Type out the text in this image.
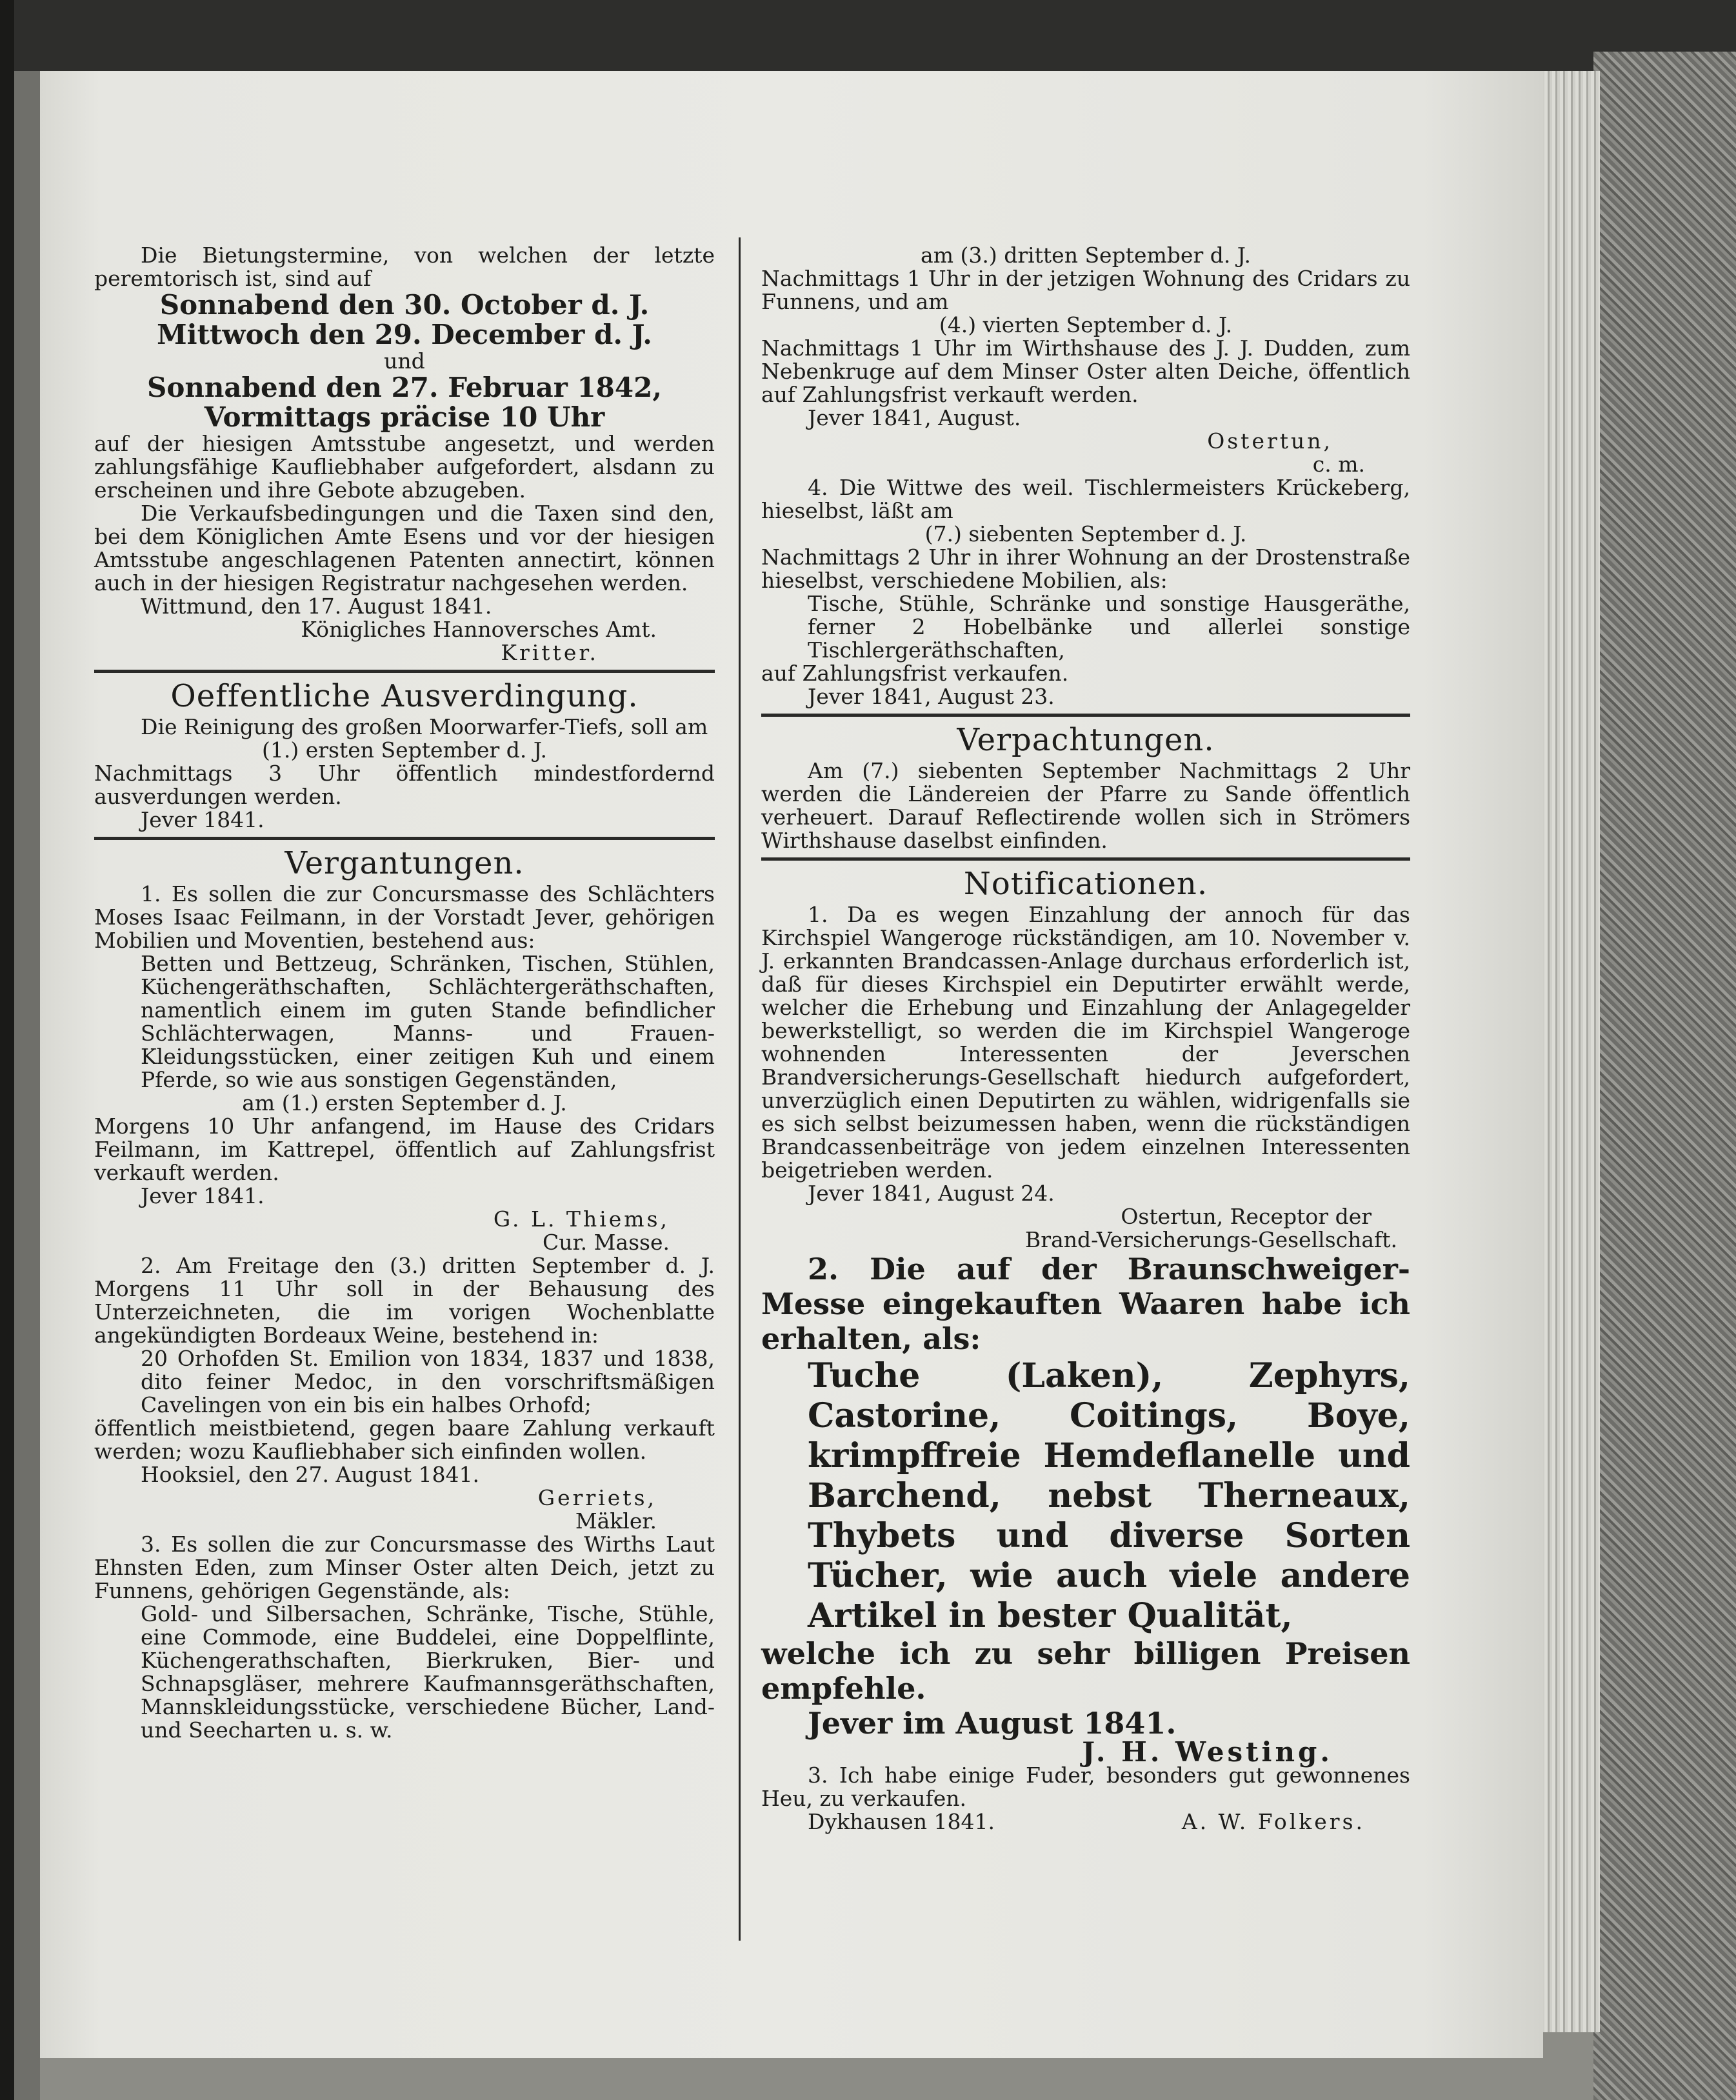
Die Bietungstermine, von welchen der letzte peremtorisch ist, sind auf

Sonnabend den 30. October d. J.

Mittwoch den 29. December d. J.

und

Sonnabend den 27. Februar 1842,

Vormittags präcise 10 Uhr

auf der hiesigen Amtsstube angesetzt, und werden zahlungsfähige Kaufliebhaber aufgefordert, alsdann zu erscheinen und ihre Gebote abzugeben.

Die Verkaufsbedingungen und die Taxen sind den, bei dem Königlichen Amte Esens und vor der hiesigen Amtsstube angeschlagenen Patenten annectirt, können auch in der hiesigen Registratur nachgesehen werden.

Wittmund, den 17. August 1841.

Königliches Hannoversches Amt.

Kritter.

Oeffentliche Ausverdingung.

Die Reinigung des großen Moorwarfer-Tiefs, soll am

(1.) ersten September d. J.

Nachmittags 3 Uhr öffentlich mindestfordernd ausverdungen werden.

Jever 1841.

Vergantungen.

1. Es sollen die zur Concursmasse des Schlächters Moses Isaac Feilmann, in der Vorstadt Jever, gehörigen Mobilien und Moventien, bestehend aus:

Betten und Bettzeug, Schränken, Tischen, Stühlen, Küchengeräthschaften, Schlächtergeräthschaften, namentlich einem im guten Stande befindlicher Schlächterwagen, Manns- und Frauen-Kleidungsstücken, einer zeitigen Kuh und einem Pferde, so wie aus sonstigen Gegenständen,

am (1.) ersten September d. J.

Morgens 10 Uhr anfangend, im Hause des Cridars Feilmann, im Kattrepel, öffentlich auf Zahlungsfrist verkauft werden.

Jever 1841.

G. L. Thiems,

Cur. Masse.

2. Am Freitage den (3.) dritten September d. J. Morgens 11 Uhr soll in der Behausung des Unterzeichneten, die im vorigen Wochenblatte angekündigten Bordeaux Weine, bestehend in:

20 Orhofden St. Emilion von 1834, 1837 und 1838, dito feiner Medoc, in den vorschriftsmäßigen Cavelingen von ein bis ein halbes Orhofd;

öffentlich meistbietend, gegen baare Zahlung verkauft werden; wozu Kaufliebhaber sich einfinden wollen.

Hooksiel, den 27. August 1841.

Gerriets,

Mäkler.

3. Es sollen die zur Concursmasse des Wirths Laut Ehnsten Eden, zum Minser Oster alten Deich, jetzt zu Funnens, gehörigen Gegenstände, als:

Gold- und Silbersachen, Schränke, Tische, Stühle, eine Commode, eine Buddelei, eine Doppelflinte, Küchengerathschaften, Bierkruken, Bier- und Schnapsgläser, mehrere Kaufmannsgeräthschaften, Mannskleidungsstücke, verschiedene Bücher, Land- und Seecharten u. s. w.

am (3.) dritten September d. J.

Nachmittags 1 Uhr in der jetzigen Wohnung des Cridars zu Funnens, und am

(4.) vierten September d. J.

Nachmittags 1 Uhr im Wirthshause des J. J. Dudden, zum Nebenkruge auf dem Minser Oster alten Deiche, öffentlich auf Zahlungsfrist verkauft werden.

Jever 1841, August.

Ostertun,

c. m.

4. Die Wittwe des weil. Tischlermeisters Krückeberg, hieselbst, läßt am

(7.) siebenten September d. J.

Nachmittags 2 Uhr in ihrer Wohnung an der Drostenstraße hieselbst, verschiedene Mobilien, als:

Tische, Stühle, Schränke und sonstige Hausgeräthe, ferner 2 Hobelbänke und allerlei sonstige Tischlergeräthschaften,

auf Zahlungsfrist verkaufen.

Jever 1841, August 23.

Verpachtungen.

Am (7.) siebenten September Nachmittags 2 Uhr werden die Ländereien der Pfarre zu Sande öffentlich verheuert. Darauf Reflectirende wollen sich in Strömers Wirthshause daselbst einfinden.

Notificationen.

1. Da es wegen Einzahlung der annoch für das Kirchspiel Wangeroge rückständigen, am 10. November v. J. erkannten Brandcassen-Anlage durchaus erforderlich ist, daß für dieses Kirchspiel ein Deputirter erwählt werde, welcher die Erhebung und Einzahlung der Anlagegelder bewerkstelligt, so werden die im Kirchspiel Wangeroge wohnenden Interessenten der Jeverschen Brandversicherungs-Gesellschaft hiedurch aufgefordert, unverzüglich einen Deputirten zu wählen, widrigenfalls sie es sich selbst beizumessen haben, wenn die rückständigen Brandcassenbeiträge von jedem einzelnen Interessenten beigetrieben werden.

Jever 1841, August 24.

Ostertun, Receptor der

Brand-Versicherungs-Gesellschaft.

2. Die auf der Braunschweiger-Messe eingekauften Waaren habe ich erhalten, als:

Tuche (Laken), Zephyrs, Castorine, Coitings, Boye, krimpffreie Hemdeflanelle und Barchend, nebst Therneaux, Thybets und diverse Sorten Tücher, wie auch viele andere Artikel in bester Qualität,

welche ich zu sehr billigen Preisen empfehle.

Jever im August 1841.

J. H. Westing.

3. Ich habe einige Fuder, besonders gut gewonnenes Heu, zu verkaufen.

Dykhausen 1841.	A. W. Folkers.
